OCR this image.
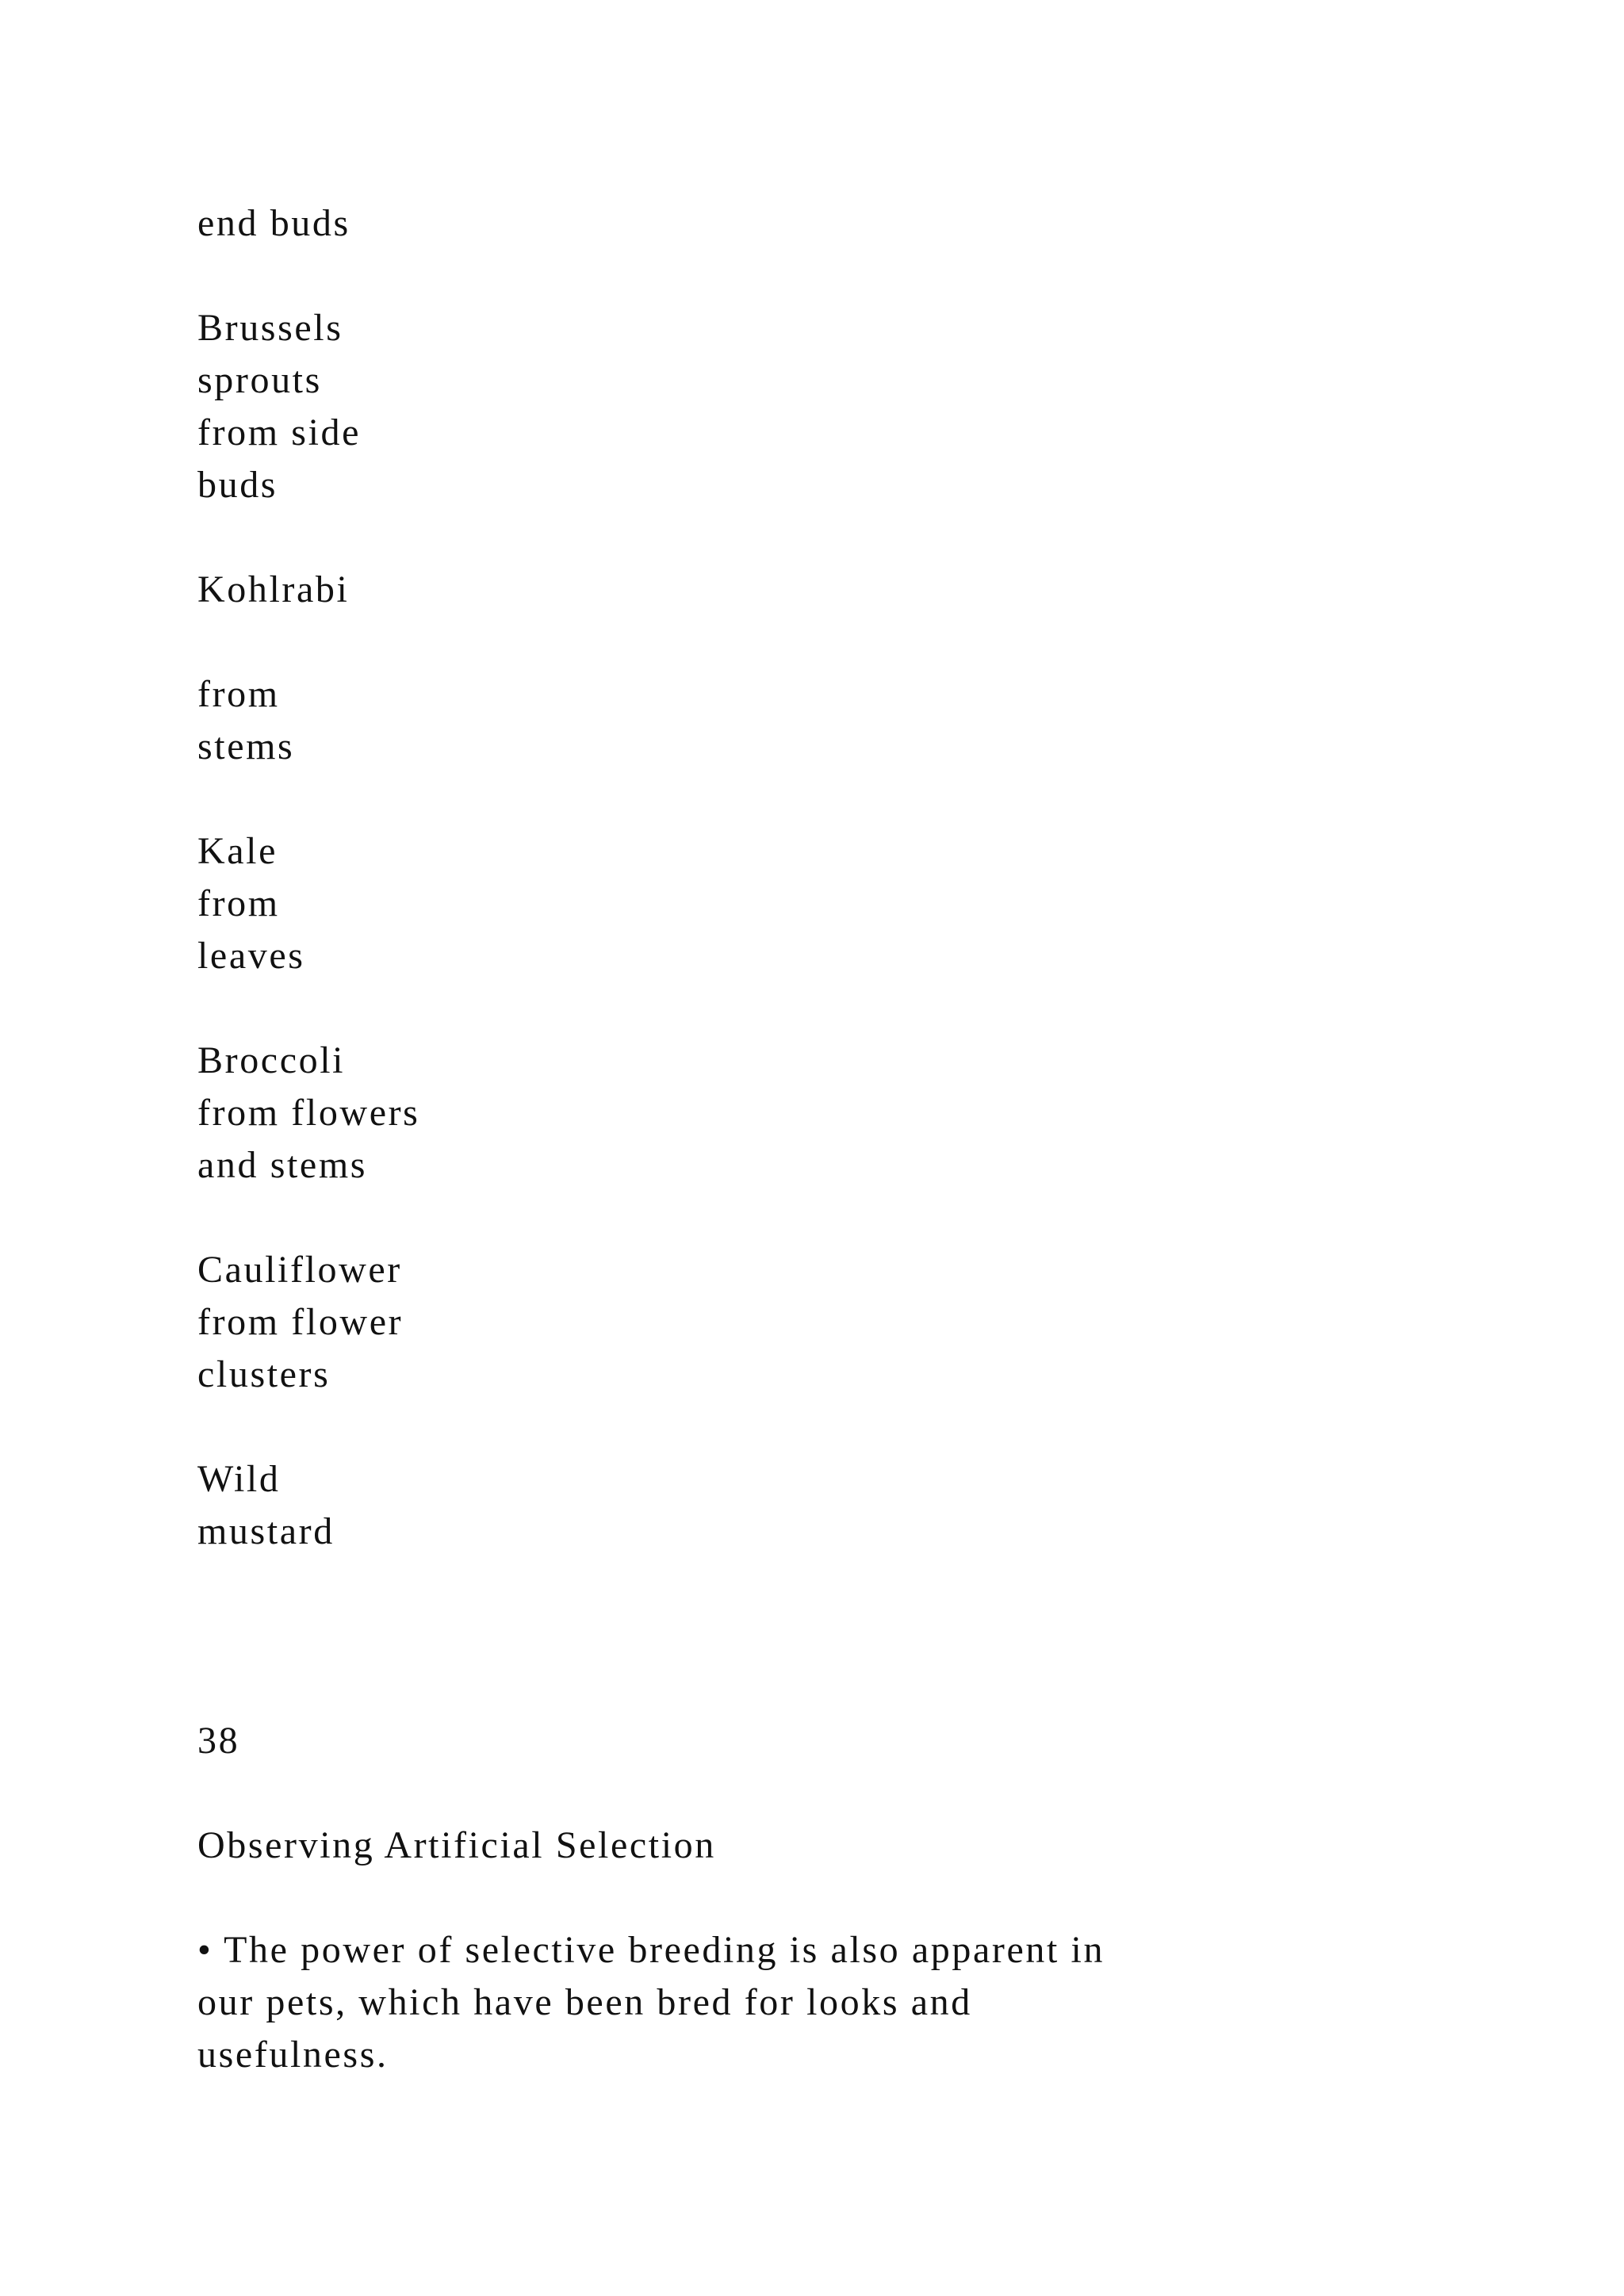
end buds
Brussels
sprouts
from side
buds
Kohlrabi
from
stems
Kale
from
leaves
Broccoli
from flowers
and stems
Cauliflower
from flower
clusters
Wild
mustard
38
Observing Artificial Selection
• The power of selective breeding is also apparent in
our pets, which have been bred for looks and
usefulness.
